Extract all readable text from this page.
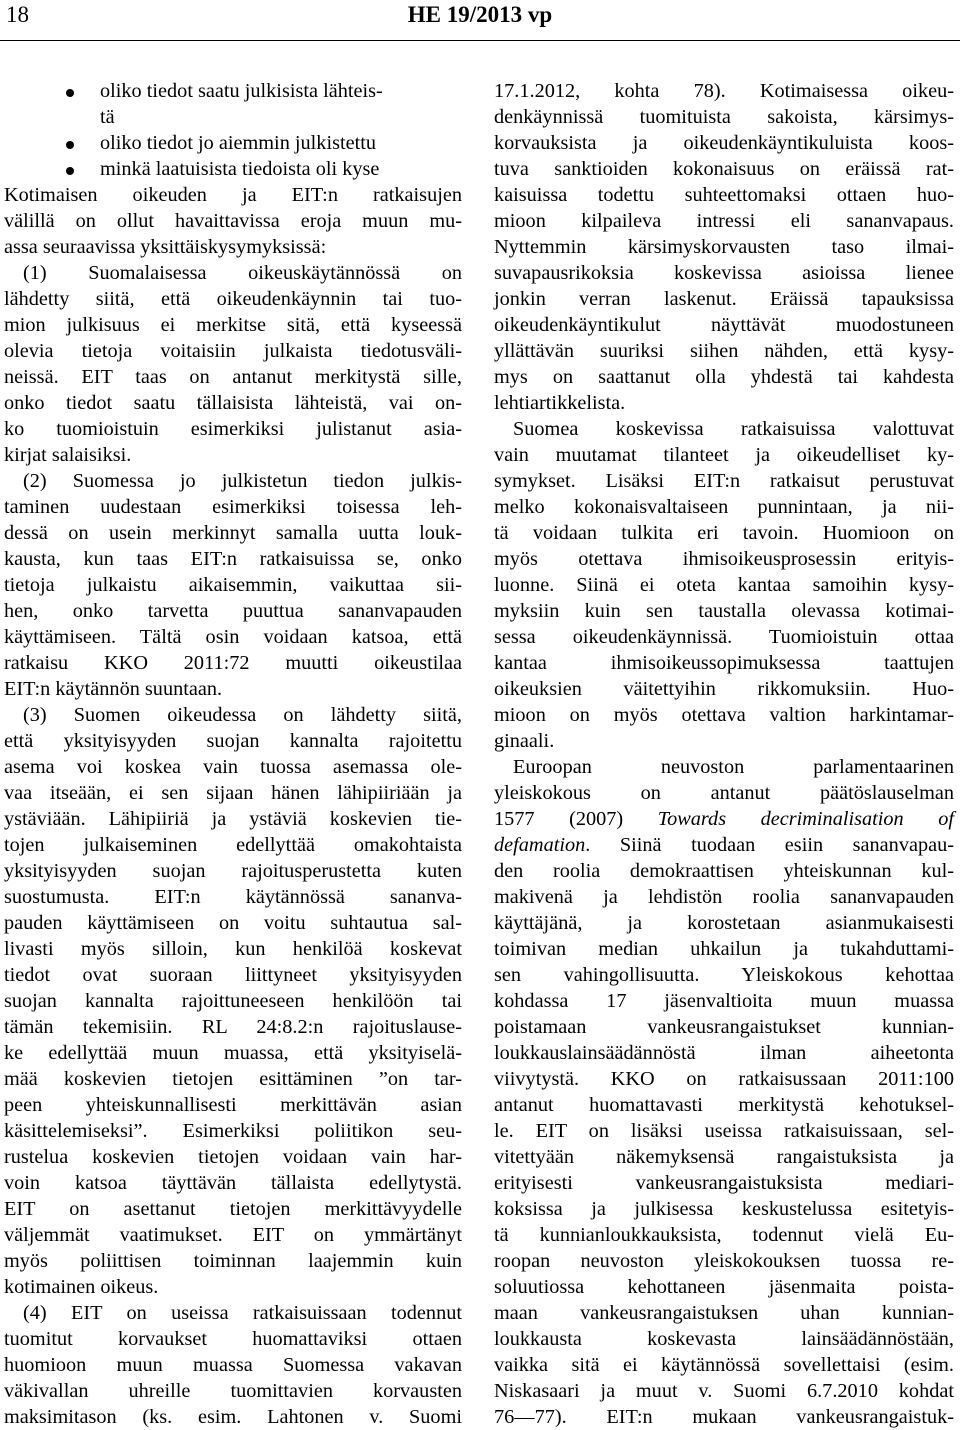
18	HE 19/2013 vp
oliko tiedot saatu julkisista lähteis-
tä
oliko tiedot jo aiemmin julkistettu
minkä laatuisista tiedoista oli kyse
Kotimaisen oikeuden ja EIT:n ratkaisujen
välillä on ollut havaittavissa eroja muun mu-
assa seuraavissa yksittäiskysymyksissä:
(1) Suomalaisessa oikeuskäytännössä on
lähdetty siitä, että oikeudenkäynnin tai tuo-
mion julkisuus ei merkitse sitä, että kyseessä
olevia tietoja voitaisiin julkaista tiedotusväli-
neissä. EIT taas on antanut merkitystä sille,
onko tiedot saatu tällaisista lähteistä, vai on-
ko tuomioistuin esimerkiksi julistanut asia-
kirjat salaisiksi.
(2) Suomessa jo julkistetun tiedon julkis-
taminen uudestaan esimerkiksi toisessa leh-
dessä on usein merkinnyt samalla uutta louk-
kausta, kun taas EIT:n ratkaisuissa se, onko
tietoja julkaistu aikaisemmin, vaikuttaa sii-
hen, onko tarvetta puuttua sananvapauden
käyttämiseen. Tältä osin voidaan katsoa, että
ratkaisu KKO 2011:72 muutti oikeustilaa
EIT:n käytännön suuntaan.
(3) Suomen oikeudessa on lähdetty siitä,
että yksityisyyden suojan kannalta rajoitettu
asema voi koskea vain tuossa asemassa ole-
vaa itseään, ei sen sijaan hänen lähipiiriään ja
ystäviään. Lähipiiriä ja ystäviä koskevien tie-
tojen julkaiseminen edellyttää omakohtaista
yksityisyyden suojan rajoitusperustetta kuten
suostumusta. EIT:n käytännössä sananva-
pauden käyttämiseen on voitu suhtautua sal-
livasti myös silloin, kun henkilöä koskevat
tiedot ovat suoraan liittyneet yksityisyyden
suojan kannalta rajoittuneeseen henkilöön tai
tämän tekemisiin. RL 24:8.2:n rajoituslause-
ke edellyttää muun muassa, että yksityiselä-
mää koskevien tietojen esittäminen ”on tar-
peen yhteiskunnallisesti merkittävän asian
käsittelemiseksi”. Esimerkiksi poliitikon seu-
rustelua koskevien tietojen voidaan vain har-
voin katsoa täyttävän tällaista edellytystä.
EIT on asettanut tietojen merkittävyydelle
väljemmät vaatimukset. EIT on ymmärtänyt
myös poliittisen toiminnan laajemmin kuin
kotimainen oikeus.
(4) EIT on useissa ratkaisuissaan todennut
tuomitut korvaukset huomattaviksi ottaen
huomioon muun muassa Suomessa vakavan
väkivallan uhreille tuomittavien korvausten
maksimitason (ks. esim. Lahtonen v. Suomi
17.1.2012, kohta 78). Kotimaisessa oikeu-
denkäynnissä tuomituista sakoista, kärsimys-
korvauksista ja oikeudenkäyntikuluista koos-
tuva sanktioiden kokonaisuus on eräissä rat-
kaisuissa todettu suhteettomaksi ottaen huo-
mioon kilpaileva intressi eli sananvapaus.
Nyttemmin kärsimyskorvausten taso ilmai-
suvapausrikoksia koskevissa asioissa lienee
jonkin verran laskenut. Eräissä tapauksissa
oikeudenkäyntikulut näyttävät muodostuneen
yllättävän suuriksi siihen nähden, että kysy-
mys on saattanut olla yhdestä tai kahdesta
lehtiartikkelista.
Suomea koskevissa ratkaisuissa valottuvat
vain muutamat tilanteet ja oikeudelliset ky-
symykset. Lisäksi EIT:n ratkaisut perustuvat
melko kokonaisvaltaiseen punnintaan, ja nii-
tä voidaan tulkita eri tavoin. Huomioon on
myös otettava ihmisoikeusprosessin erityis-
luonne. Siinä ei oteta kantaa samoihin kysy-
myksiin kuin sen taustalla olevassa kotimai-
sessa oikeudenkäynnissä. Tuomioistuin ottaa
kantaa ihmisoikeussopimuksessa taattujen
oikeuksien väitettyihin rikkomuksiin. Huo-
mioon on myös otettava valtion harkintamar-
ginaali.
Euroopan neuvoston parlamentaarinen
yleiskokous on antanut päätöslauselman
1577 (2007) Towards decriminalisation of
defamation. Siinä tuodaan esiin sananvapau-
den roolia demokraattisen yhteiskunnan kul-
makivenä ja lehdistön roolia sananvapauden
käyttäjänä, ja korostetaan asianmukaisesti
toimivan median uhkailun ja tukahduttami-
sen vahingollisuutta. Yleiskokous kehottaa
kohdassa 17 jäsenvaltioita muun muassa
poistamaan vankeusrangaistukset kunnian-
loukkauslainsäädännöstä ilman aiheetonta
viivytystä. KKO on ratkaisussaan 2011:100
antanut huomattavasti merkitystä kehotuksel-
le. EIT on lisäksi useissa ratkaisuissaan, sel-
vitettyään näkemyksensä rangaistuksista ja
erityisesti vankeusrangaistuksista mediari-
koksissa ja julkisessa keskustelussa esitetyis-
tä kunnianloukkauksista, todennut vielä Eu-
roopan neuvoston yleiskokouksen tuossa re-
soluutiossa kehottaneen jäsenmaita poista-
maan vankeusrangaistuksen uhan kunnian-
loukkausta koskevasta lainsäädännöstään,
vaikka sitä ei käytännössä sovellettaisi (esim.
Niskasaari ja muut v. Suomi 6.7.2010 kohdat
76—77). EIT:n mukaan vankeusrangaistuk-
